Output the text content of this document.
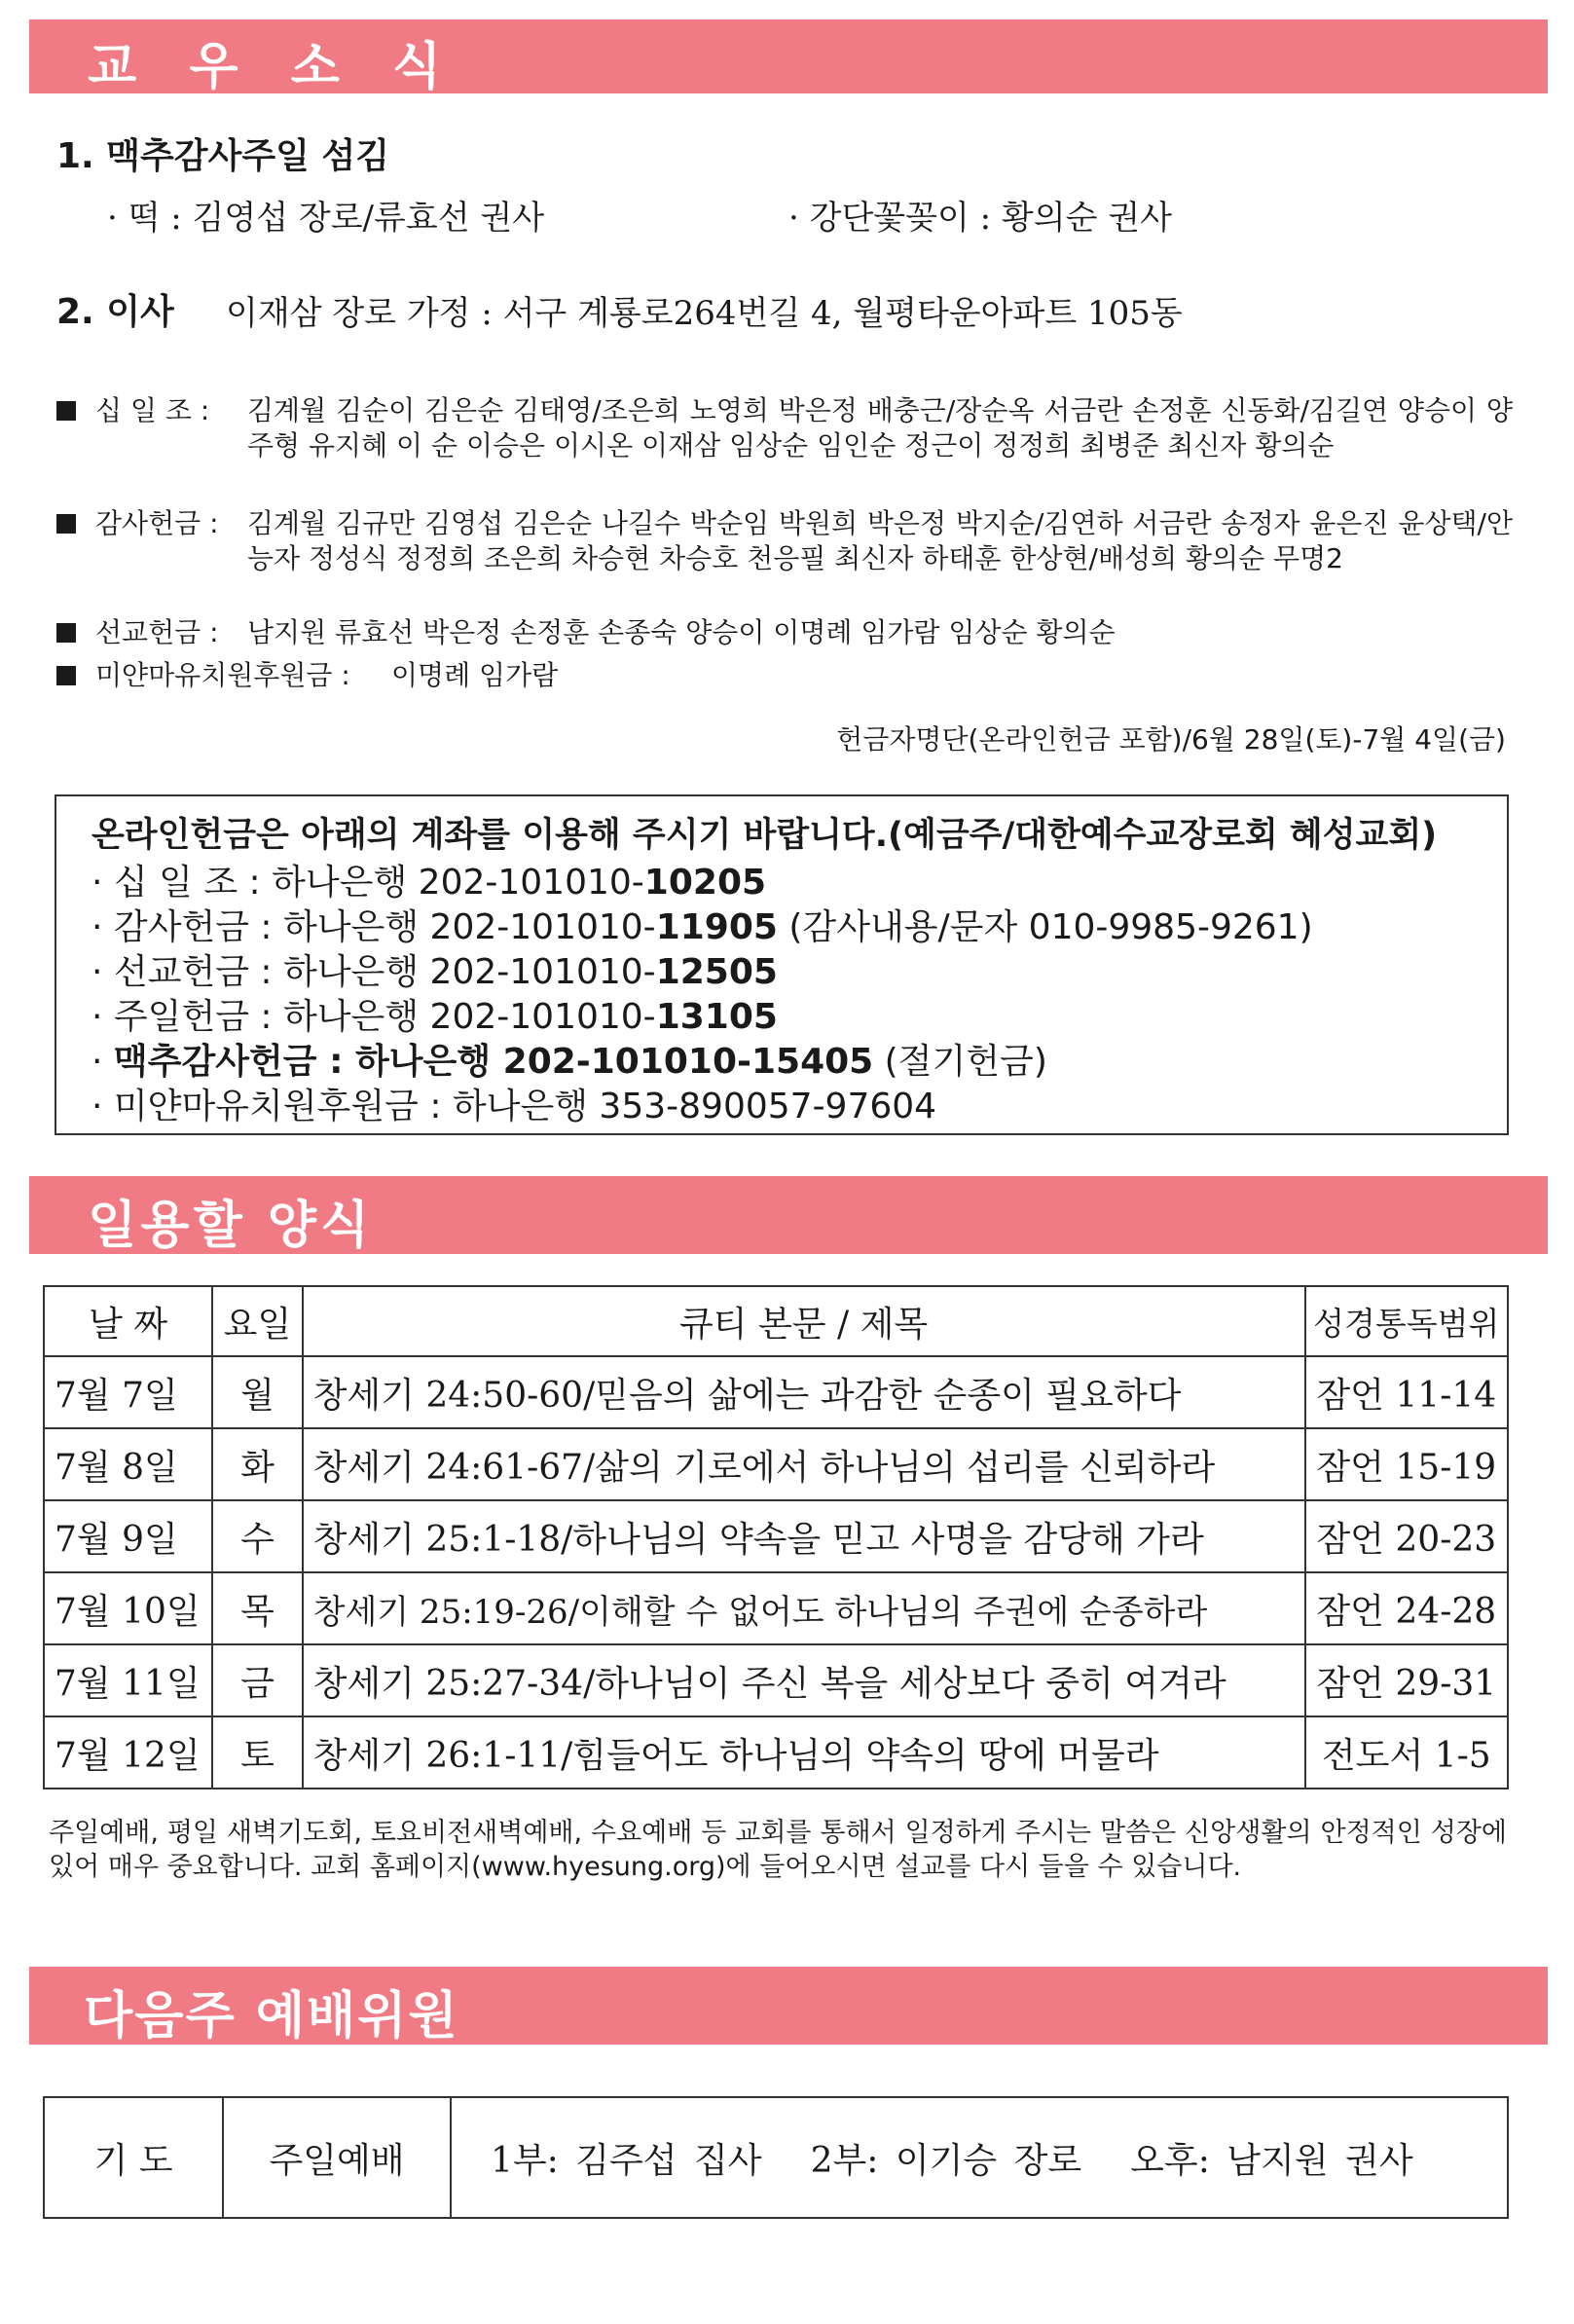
교 우 소 식
1. 맥추감사주일 섬김
· 떡 : 김영섭 장로/류효선 권사	· 강단꽃꽂이 : 황의순 권사
2. 이사 이재삼 장로 가정 : 서구 계룡로264번길 4, 월평타운아파트 105동
십 일 조 : 김계월 김순이 김은순 김태영/조은희 노영희 박은정 배충근/장순옥 서금란 손정훈 신동화/김길연 양승이 양주형 유지혜 이 순 이승은 이시온 이재삼 임상순 임인순 정근이 정정희 최병준 최신자 황의순
감사헌금 : 김계월 김규만 김영섭 김은순 나길수 박순임 박원희 박은정 박지순/김연하 서금란 송정자 윤은진 윤상택/안능자 정성식 정정희 조은희 차승현 차승호 천응필 최신자 하태훈 한상현/배성희 황의순 무명2
선교헌금 : 남지원 류효선 박은정 손정훈 손종숙 양승이 이명례 임가람 임상순 황의순
미얀마유치원후원금 : 이명례 임가람
헌금자명단(온라인헌금 포함)/6월 28일(토)-7월 4일(금)
온라인헌금은 아래의 계좌를 이용해 주시기 바랍니다.(예금주/대한예수교장로회 혜성교회)
· 십 일 조 : 하나은행 202-101010-10205
· 감사헌금 : 하나은행 202-101010-11905 (감사내용/문자 010-9985-9261)
· 선교헌금 : 하나은행 202-101010-12505
· 주일헌금 : 하나은행 202-101010-13105
· 맥추감사헌금 : 하나은행 202-101010-15405 (절기헌금)
· 미얀마유치원후원금 : 하나은행 353-890057-97604
일용할 양식
날 짜	요일	큐티 본문 / 제목	성경통독범위
7월 7일	월	창세기 24:50-60/믿음의 삶에는 과감한 순종이 필요하다	잠언 11-14
7월 8일	화	창세기 24:61-67/삶의 기로에서 하나님의 섭리를 신뢰하라	잠언 15-19
7월 9일	수	창세기 25:1-18/하나님의 약속을 믿고 사명을 감당해 가라	잠언 20-23
7월 10일	목	창세기 25:19-26/이해할 수 없어도 하나님의 주권에 순종하라	잠언 24-28
7월 11일	금	창세기 25:27-34/하나님이 주신 복을 세상보다 중히 여겨라	잠언 29-31
7월 12일	토	창세기 26:1-11/힘들어도 하나님의 약속의 땅에 머물라	전도서 1-5
주일예배, 평일 새벽기도회, 토요비전새벽예배, 수요예배 등 교회를 통해서 일정하게 주시는 말씀은 신앙생활의 안정적인 성장에 있어 매우 중요합니다. 교회 홈페이지(www.hyesung.org)에 들어오시면 설교를 다시 들을 수 있습니다.
다음주 예배위원
기 도	주일예배	1부: 김주섭 집사 2부: 이기승 장로 오후: 남지원 권사
